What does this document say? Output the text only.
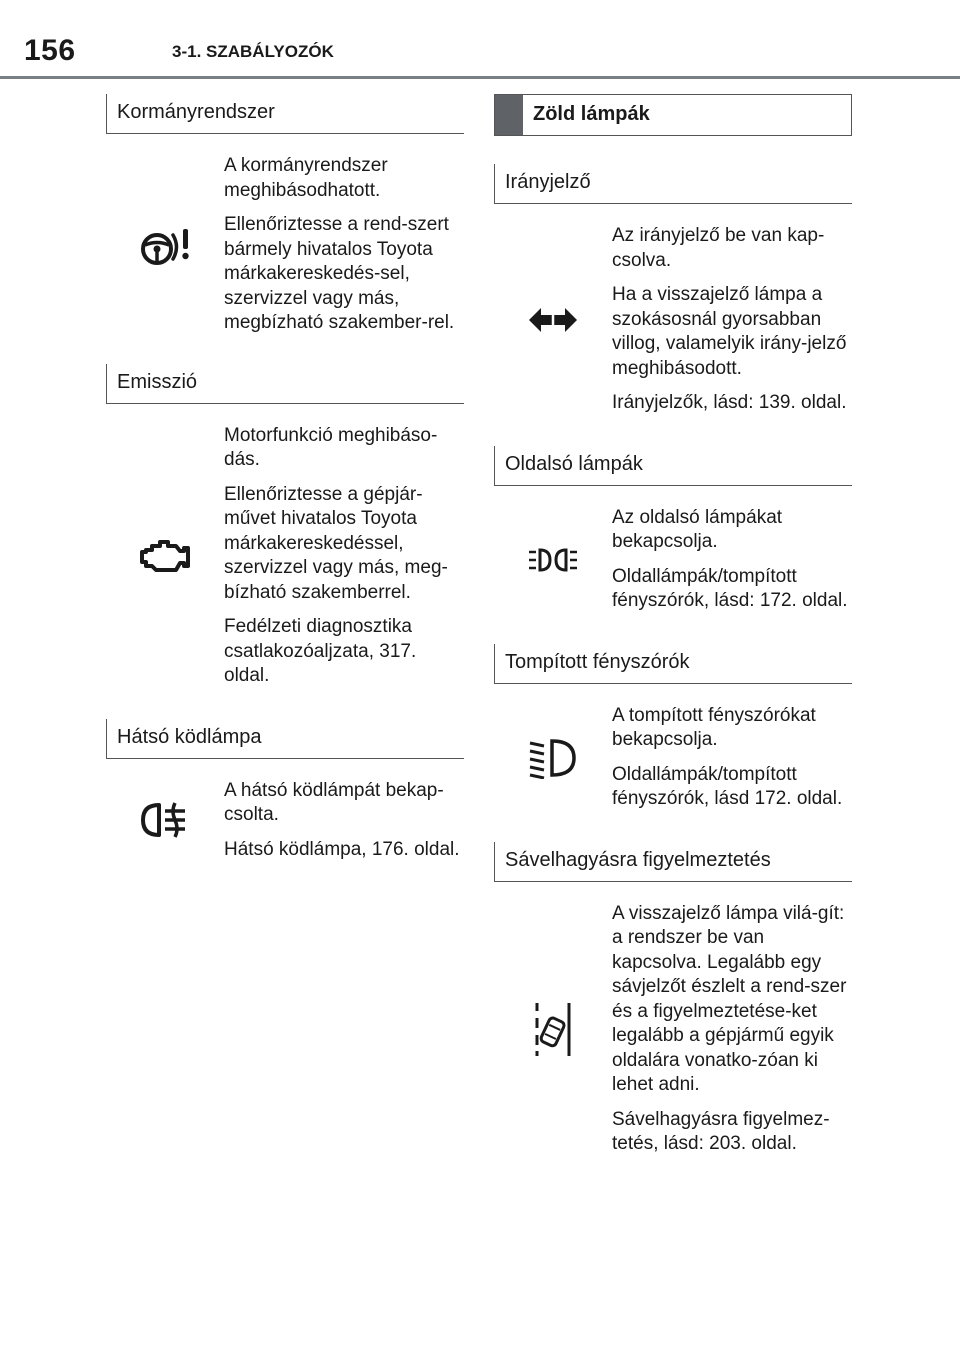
156	3-1. SZABÁLYOZÓK
Kormányrendszer

A kormányrendszer meghibásodhatott.

Ellenőriztesse a rend-szert bármely hivatalos Toyota márkakereskedés-sel, szervizzel vagy más, megbízható szakember-rel.

Emisszió

Motorfunkció meghibáso-dás.

Ellenőriztesse a gépjár-művet hivatalos Toyota márkakereskedéssel, szervizzel vagy más, meg-bízható szakemberrel.

Fedélzeti diagnosztika csatlakozóaljzata, 317. oldal.

Hátsó ködlámpa

A hátsó ködlámpát bekap-csolta.

Hátsó ködlámpa, 176. oldal.

Zöld lámpák
Irányjelző

Az irányjelző be van kap-csolva.

Ha a visszajelző lámpa a szokásosnál gyorsabban villog, valamelyik irány-jelző meghibásodott.

Irányjelzők, lásd: 139. oldal.

Oldalsó lámpák

Az oldalsó lámpákat bekapcsolja.

Oldallámpák/tompított fényszórók, lásd: 172. oldal.

Tompított fényszórók

A tompított fényszórókat bekapcsolja.

Oldallámpák/tompított fényszórók, lásd 172. oldal.

Sávelhagyásra figyelmeztetés

A visszajelző lámpa vilá-gít: a rendszer be van kapcsolva. Legalább egy sávjelzőt észlelt a rend-szer és a figyelmeztetése-ket legalább a gépjármű egyik oldalára vonatko-zóan ki lehet adni.

Sávelhagyásra figyelmez-tetés, lásd: 203. oldal.
